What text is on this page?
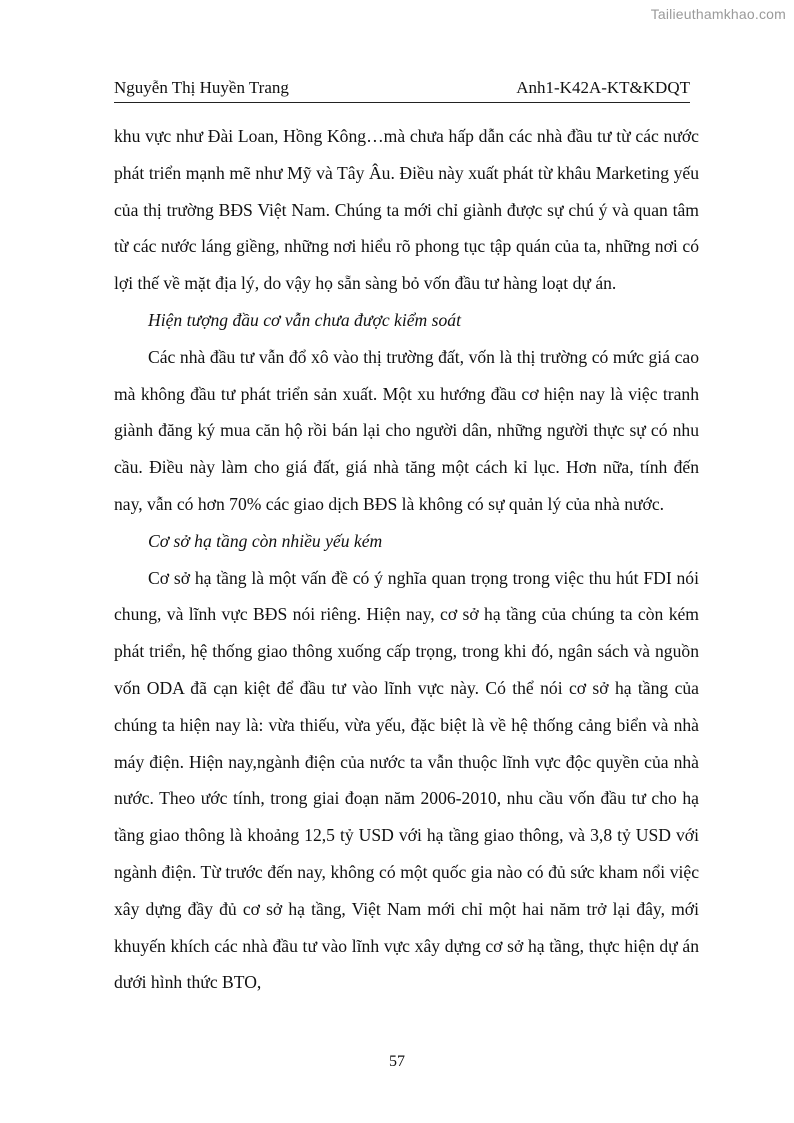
Tailieuthamkhao.com
Nguyễn Thị Huyền Trang	Anh1-K42A-KT&KDQT

khu vực như Đài Loan, Hồng Kông…mà chưa hấp dẫn các nhà đầu tư từ các nước phát triển mạnh mẽ như Mỹ và Tây Âu. Điều này xuất phát từ khâu Marketing yếu của thị trường BĐS Việt Nam. Chúng ta mới chỉ giành được sự chú ý và quan tâm từ các nước láng giềng, những nơi hiểu rõ phong tục tập quán của ta, những nơi có lợi thế về mặt địa lý, do vậy họ sẵn sàng bỏ vốn đầu tư hàng loạt dự án.

Hiện tượng đầu cơ vẫn chưa được kiểm soát

Các nhà đầu tư vẫn đổ xô vào thị trường đất, vốn là thị trường có mức giá cao mà không đầu tư phát triển sản xuất. Một xu hướng đầu cơ hiện nay là việc tranh giành đăng ký mua căn hộ rồi bán lại cho người dân, những người thực sự có nhu cầu. Điều này làm cho giá đất, giá nhà tăng một cách kỉ lục. Hơn nữa, tính đến nay, vẫn có hơn 70% các giao dịch BĐS là không có sự quản lý của nhà nước.

Cơ sở hạ tầng còn nhiều yếu kém

Cơ sở hạ tầng là một vấn đề có ý nghĩa quan trọng trong việc thu hút FDI nói chung, và lĩnh vực BĐS nói riêng. Hiện nay, cơ sở hạ tầng của chúng ta còn kém phát triển, hệ thống giao thông xuống cấp trọng, trong khi đó, ngân sách và nguồn vốn ODA đã cạn kiệt để đầu tư vào lĩnh vực này. Có thể nói cơ sở hạ tầng của chúng ta hiện nay là: vừa thiếu, vừa yếu, đặc biệt là về hệ thống cảng biển và nhà máy điện. Hiện nay,ngành điện của nước ta vẫn thuộc lĩnh vực độc quyền của nhà nước. Theo ước tính, trong giai đoạn năm 2006-2010, nhu cầu vốn đầu tư cho hạ tầng giao thông là khoảng 12,5 tỷ USD với hạ tầng giao thông, và 3,8 tỷ USD với ngành điện. Từ trước đến nay, không có một quốc gia nào có đủ sức kham nổi việc xây dựng đầy đủ cơ sở hạ tầng, Việt Nam mới chỉ một hai năm trở lại đây, mới khuyến khích các nhà đầu tư vào lĩnh vực xây dựng cơ sở hạ tầng, thực hiện dự án dưới hình thức BTO,

57
